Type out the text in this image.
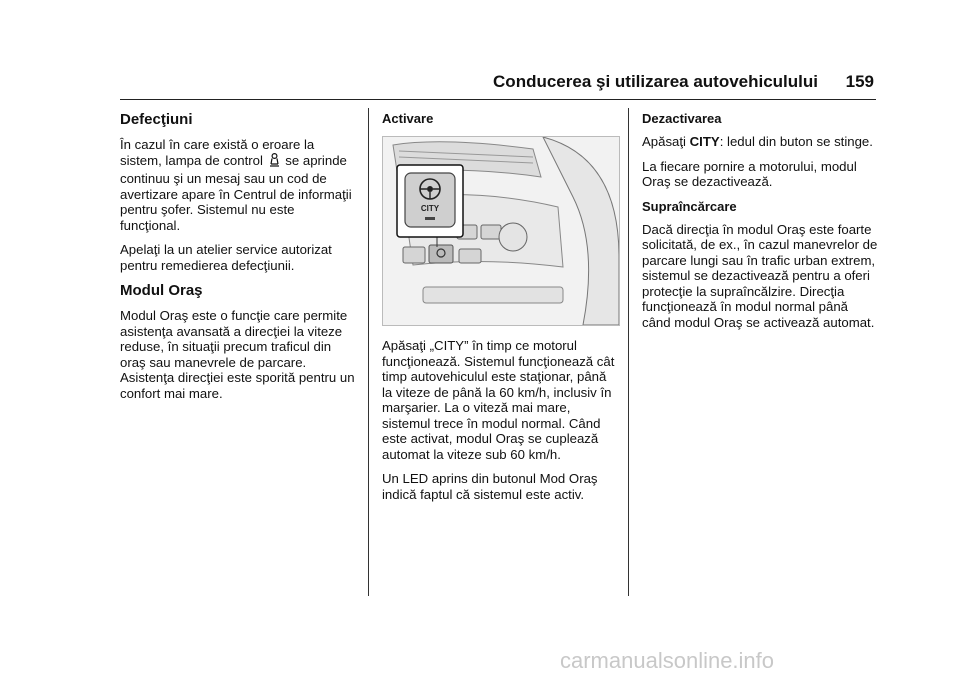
Conducerea şi utilizarea autovehiculului 159
Defecţiuni

În cazul în care există o eroare la sistem, lampa de control se aprinde continuu şi un mesaj sau un cod de avertizare apare în Centrul de informaţii pentru şofer. Sistemul nu este funcţional.

Apelaţi la un atelier service autorizat pentru remedierea defecţiunii.

Modul Oraş

Modul Oraş este o funcţie care permite asistenţa avansată a direcţiei la viteze reduse, în situaţii precum traficul din oraş sau manevrele de parcare. Asistenţa direcţiei este sporită pentru un confort mai mare.

Activare
CITY

Apăsaţi „CITY” în timp ce motorul funcţionează. Sistemul funcţionează cât timp autovehiculul este staţionar, până la viteze de până la 60 km/h, inclusiv în marşarier. La o viteză mai mare, sistemul trece în modul normal. Când este activat, modul Oraş se cuplează automat la viteze sub 60 km/h.

Un LED aprins din butonul Mod Oraş indică faptul că sistemul este activ.

Dezactivarea

Apăsaţi CITY: ledul din buton se stinge.

La fiecare pornire a motorului, modul Oraş se dezactivează.

Supraîncărcare

Dacă direcţia în modul Oraş este foarte solicitată, de ex., în cazul manevrelor de parcare lungi sau în trafic urban extrem, sistemul se dezactivează pentru a oferi protecţie la supraîncălzire. Direcţia funcţionează în modul normal până când modul Oraş se activează automat.

carmanualsonline.info
